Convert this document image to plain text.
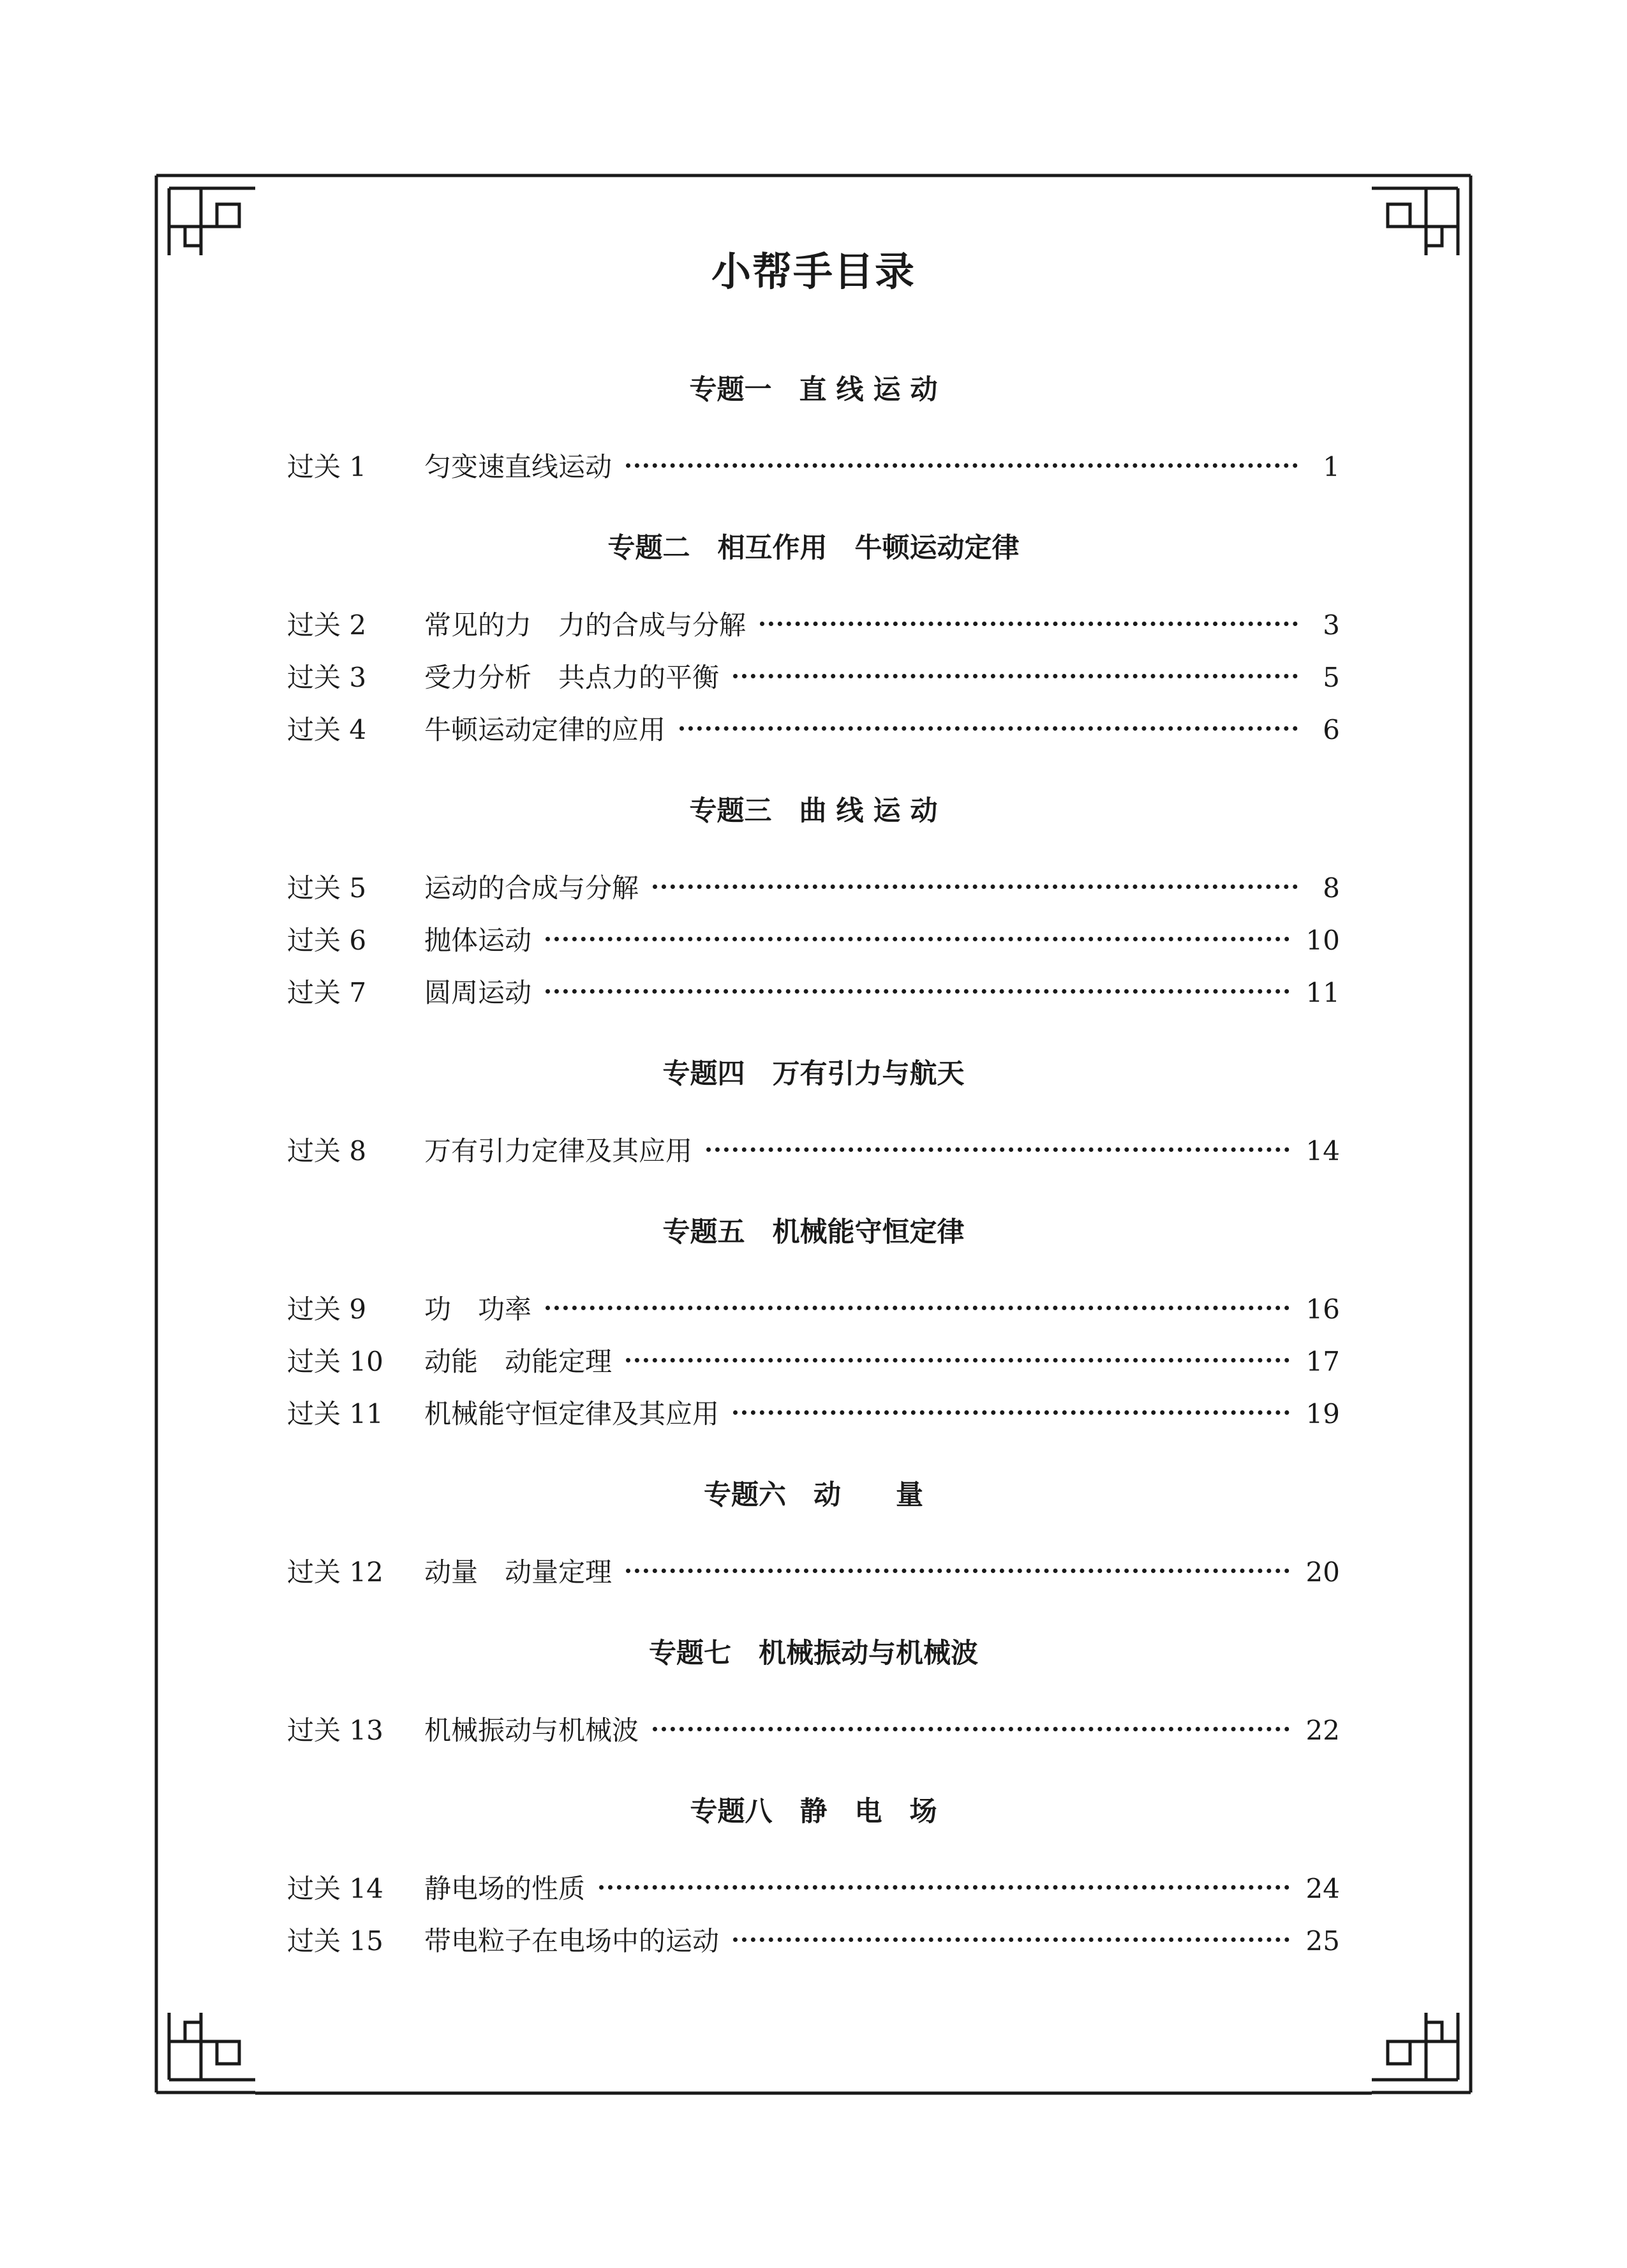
小帮手目录
专题一　直 线 运 动
过关 1	匀变速直线运动	1
专题二　相互作用　牛顿运动定律
过关 2	常见的力　力的合成与分解	3
过关 3	受力分析　共点力的平衡	5
过关 4	牛顿运动定律的应用	6
专题三　曲 线 运 动
过关 5	运动的合成与分解	8
过关 6	抛体运动	10
过关 7	圆周运动	11
专题四　万有引力与航天
过关 8	万有引力定律及其应用	14
专题五　机械能守恒定律
过关 9	功　功率	16
过关 10	动能　动能定理	17
过关 11	机械能守恒定律及其应用	19
专题六　动　　量
过关 12	动量　动量定理	20
专题七　机械振动与机械波
过关 13	机械振动与机械波	22
专题八　静　电　场
过关 14	静电场的性质	24
过关 15	带电粒子在电场中的运动	25
